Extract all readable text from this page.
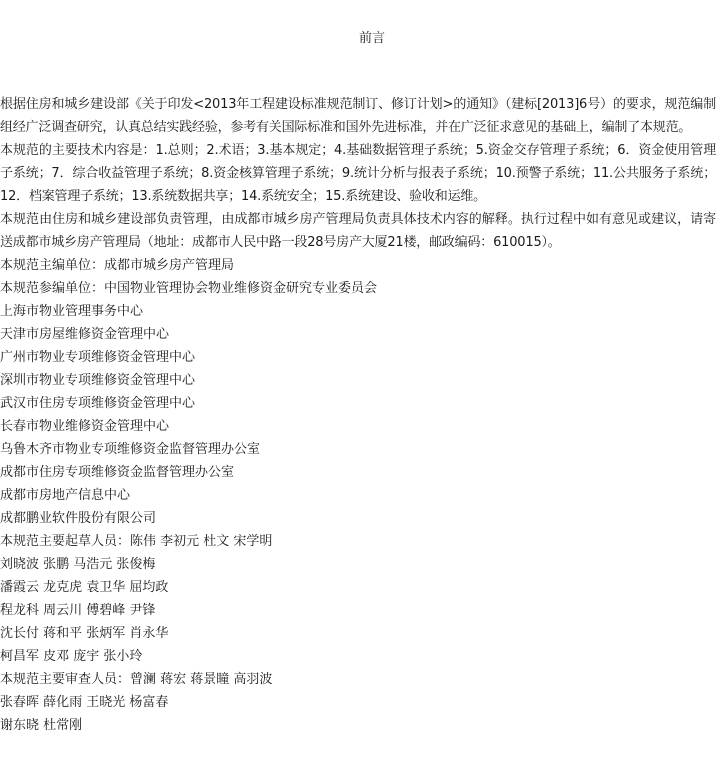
前言

根据住房和城乡建设部《关于印发<2013年工程建设标准规范制订、修订计划>的通知》（建标[2013]6号）的要求，规范编制组经广泛调查研究，认真总结实践经验，参考有关国际标准和国外先进标准，并在广泛征求意见的基础上，编制了本规范。

本规范的主要技术内容是：1.总则；2.术语；3.基本规定；4.基础数据管理子系统；5.资金交存管理子系统；6．资金使用管理子系统；7．综合收益管理子系统；8.资金核算管理子系统；9.统计分析与报表子系统；10.预警子系统；11.公共服务子系统；12．档案管理子系统；13.系统数据共享；14.系统安全；15.系统建设、验收和运维。

本规范由住房和城乡建设部负责管理，由成都市城乡房产管理局负责具体技术内容的解释。执行过程中如有意见或建议，请寄送成都市城乡房产管理局（地址：成都市人民中路一段28号房产大厦21楼，邮政编码：610015）。

本规范主编单位：成都市城乡房产管理局

本规范参编单位：中国物业管理协会物业维修资金研究专业委员会

上海市物业管理事务中心

天津市房屋维修资金管理中心

广州市物业专项维修资金管理中心

深圳市物业专项维修资金管理中心

武汉市住房专项维修资金管理中心

长春市物业维修资金管理中心

乌鲁木齐市物业专项维修资金监督管理办公室

成都市住房专项维修资金监督管理办公室

成都市房地产信息中心

成都鹏业软件股份有限公司

本规范主要起草人员：陈伟 李初元 杜文 宋学明

刘晓波 张鹏 马浩元 张俊梅

潘霞云 龙克虎 袁卫华 屈均政

程龙科 周云川 傅碧峰 尹锋

沈长付 蒋和平 张炳军 肖永华

柯昌军 皮邓 庞宇 张小玲

本规范主要审查人员：曾澜 蒋宏 蒋景瞳 高羽波

张春晖 薛化雨 王晓光 杨富春

谢东晓 杜常刚
